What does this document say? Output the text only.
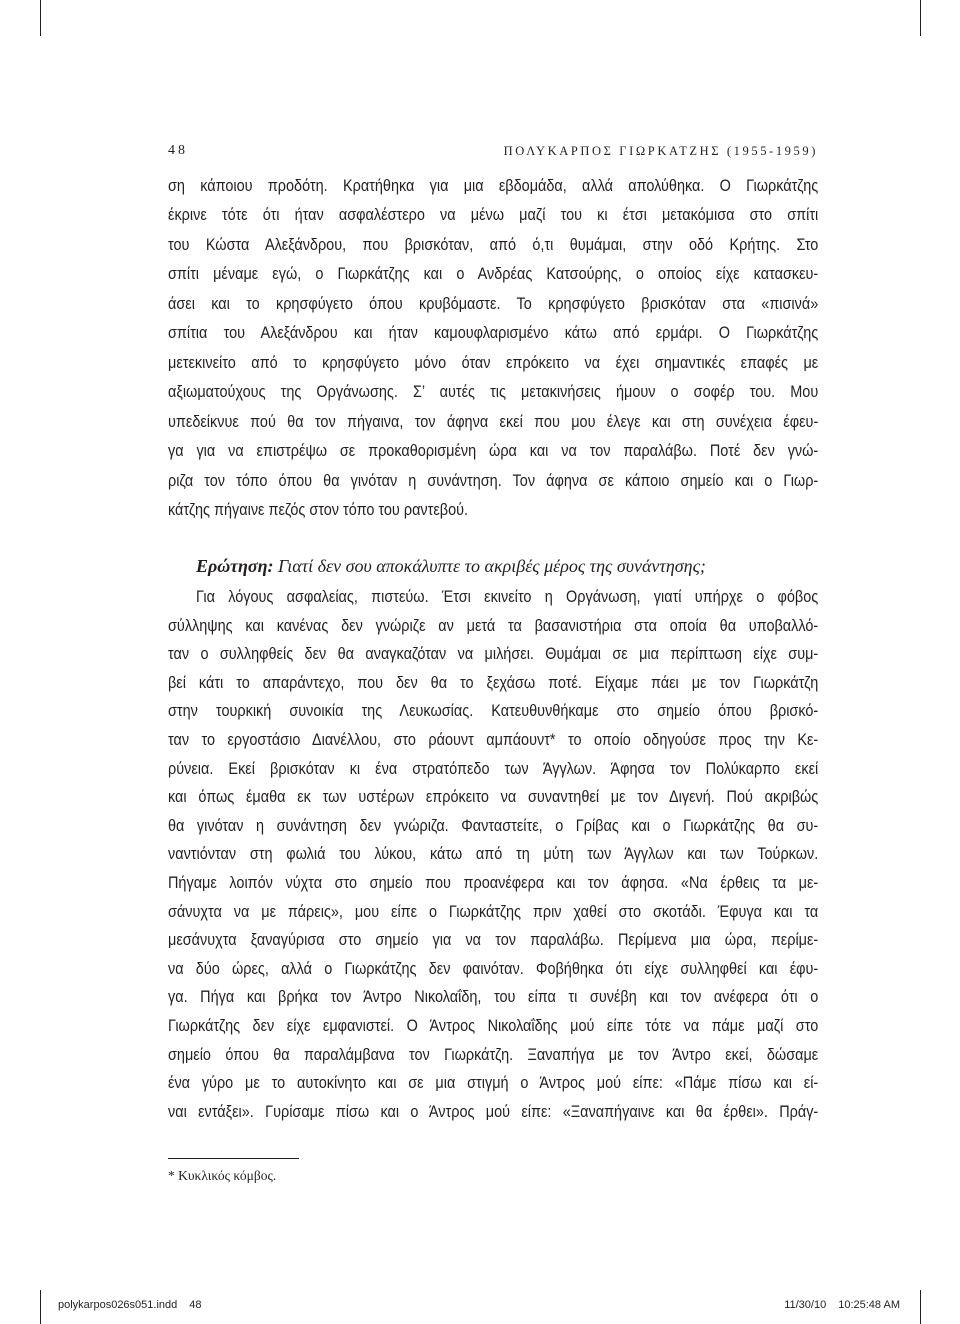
48	ΠΟΛΥΚΑΡΠΟΣ ΓΙΩΡΚΑΤΖΗΣ (1955-1959)
ση κάποιου προδότη. Κρατήθηκα για μια εβδομάδα, αλλά απολύθηκα. Ο Γιωρκάτζης
έκρινε τότε ότι ήταν ασφαλέστερο να μένω μαζί του κι έτσι μετακόμισα στο σπίτι
του Κώστα Αλεξάνδρου, που βρισκόταν, από ό,τι θυμάμαι, στην οδό Κρήτης. Στο
σπίτι μέναμε εγώ, ο Γιωρκάτζης και ο Ανδρέας Κατσούρης, ο οποίος είχε κατασκευ-
άσει και το κρησφύγετο όπου κρυβόμαστε. Το κρησφύγετο βρισκόταν στα «πισινά»
σπίτια του Αλεξάνδρου και ήταν καμουφλαρισμένο κάτω από ερμάρι. Ο Γιωρκάτζης
μετεκινείτο από το κρησφύγετο μόνο όταν επρόκειτο να έχει σημαντικές επαφές με
αξιωματούχους της Οργάνωσης. Σ’ αυτές τις μετακινήσεις ήμουν ο σοφέρ του. Μου
υπεδείκνυε πού θα τον πήγαινα, τον άφηνα εκεί που μου έλεγε και στη συνέχεια έφευ-
γα για να επιστρέψω σε προκαθορισμένη ώρα και να τον παραλάβω. Ποτέ δεν γνώ-
ριζα τον τόπο όπου θα γινόταν η συνάντηση. Τον άφηνα σε κάποιο σημείο και ο Γιωρ-
κάτζης πήγαινε πεζός στον τόπο του ραντεβού.
Ερώτηση: Γιατί δεν σου αποκάλυπτε το ακριβές μέρος της συνάντησης;
Για λόγους ασφαλείας, πιστεύω. Έτσι εκινείτο η Οργάνωση, γιατί υπήρχε ο φόβος
σύλληψης και κανένας δεν γνώριζε αν μετά τα βασανιστήρια στα οποία θα υποβαλλό-
ταν ο συλληφθείς δεν θα αναγκαζόταν να μιλήσει. Θυμάμαι σε μια περίπτωση είχε συμ-
βεί κάτι το απαράντεχο, που δεν θα το ξεχάσω ποτέ. Είχαμε πάει με τον Γιωρκάτζη
στην τουρκική συνοικία της Λευκωσίας. Κατευθυνθήκαμε στο σημείο όπου βρισκό-
ταν το εργοστάσιο Διανέλλου, στο ράουντ αμπάουντ* το οποίο οδηγούσε προς την Κε-
ρύνεια. Εκεί βρισκόταν κι ένα στρατόπεδο των Άγγλων. Άφησα τον Πολύκαρπο εκεί
και όπως έμαθα εκ των υστέρων επρόκειτο να συναντηθεί με τον Διγενή. Πού ακριβώς
θα γινόταν η συνάντηση δεν γνώριζα. Φανταστείτε, ο Γρίβας και ο Γιωρκάτζης θα συ-
ναντιόνταν στη φωλιά του λύκου, κάτω από τη μύτη των Άγγλων και των Τούρκων.
Πήγαμε λοιπόν νύχτα στο σημείο που προανέφερα και τον άφησα. «Να έρθεις τα με-
σάνυχτα να με πάρεις», μου είπε ο Γιωρκάτζης πριν χαθεί στο σκοτάδι. Έφυγα και τα
μεσάνυχτα ξαναγύρισα στο σημείο για να τον παραλάβω. Περίμενα μια ώρα, περίμε-
να δύο ώρες, αλλά ο Γιωρκάτζης δεν φαινόταν. Φοβήθηκα ότι είχε συλληφθεί και έφυ-
γα. Πήγα και βρήκα τον Άντρο Νικολαΐδη, του είπα τι συνέβη και τον ανέφερα ότι ο
Γιωρκάτζης δεν είχε εμφανιστεί. Ο Άντρος Νικολαΐδης μού είπε τότε να πάμε μαζί στο
σημείο όπου θα παραλάμβανα τον Γιωρκάτζη. Ξαναπήγα με τον Άντρο εκεί, δώσαμε
ένα γύρο με το αυτοκίνητο και σε μια στιγμή ο Άντρος μού είπε: «Πάμε πίσω και εί-
ναι εντάξει». Γυρίσαμε πίσω και ο Άντρος μού είπε: «Ξαναπήγαινε και θα έρθει». Πράγ-
* Κυκλικός κόμβος.
polykarpos026s051.indd 48	11/30/10 10:25:48 AM
